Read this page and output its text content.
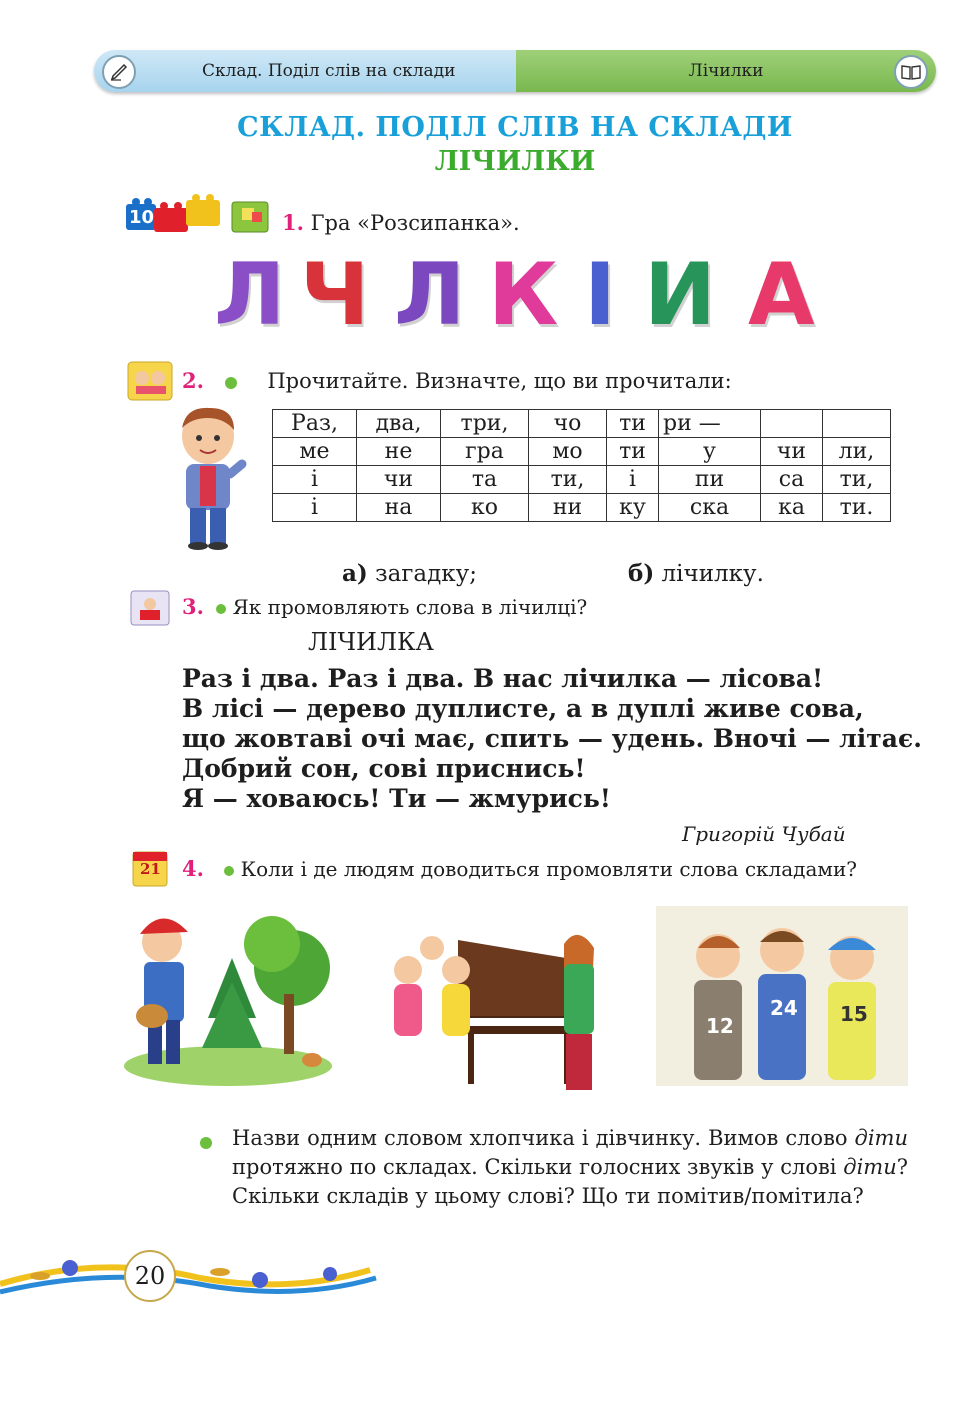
Склад. Поділ слів на склади	Лічилки
СКЛАД. ПОДІЛ СЛІВ НА СКЛАДИ
ЛІЧИЛКИ
10	1. Гра «Розсипанка».
Л Ч Л К І И А
2.	Прочитайте. Визначте, що ви прочитали:
Раз,	два,	три,	чо	ти	ри —		
ме	не	гра	мо	ти	у	чи	ли,
і	чи	та	ти,	і	пи	са	ти,
і	на	ко	ни	ку	ска	ка	ти.
а) загадку;	б) лічилку.
3. Як промовляють слова в лічилці?
ЛІЧИЛКА
Раз і два. Раз і два. В нас лічилка — лісова!
В лісі — дерево дуплисте, а в дуплі живе сова,
що жовтаві очі має, спить — удень. Вночі — літає.
Добрий сон, сові приснись!
Я — ховаюсь! Ти — жмурись!
Григорій Чубай
21 4. Коли і де людям доводиться промовляти слова складами?
12
24 15
Назви одним словом хлопчика і дівчинку. Вимов слово діти протяжно по складах. Скільки голосних звуків у слові діти? Скільки складів у цьому слові? Що ти помітив/помітила?
20
